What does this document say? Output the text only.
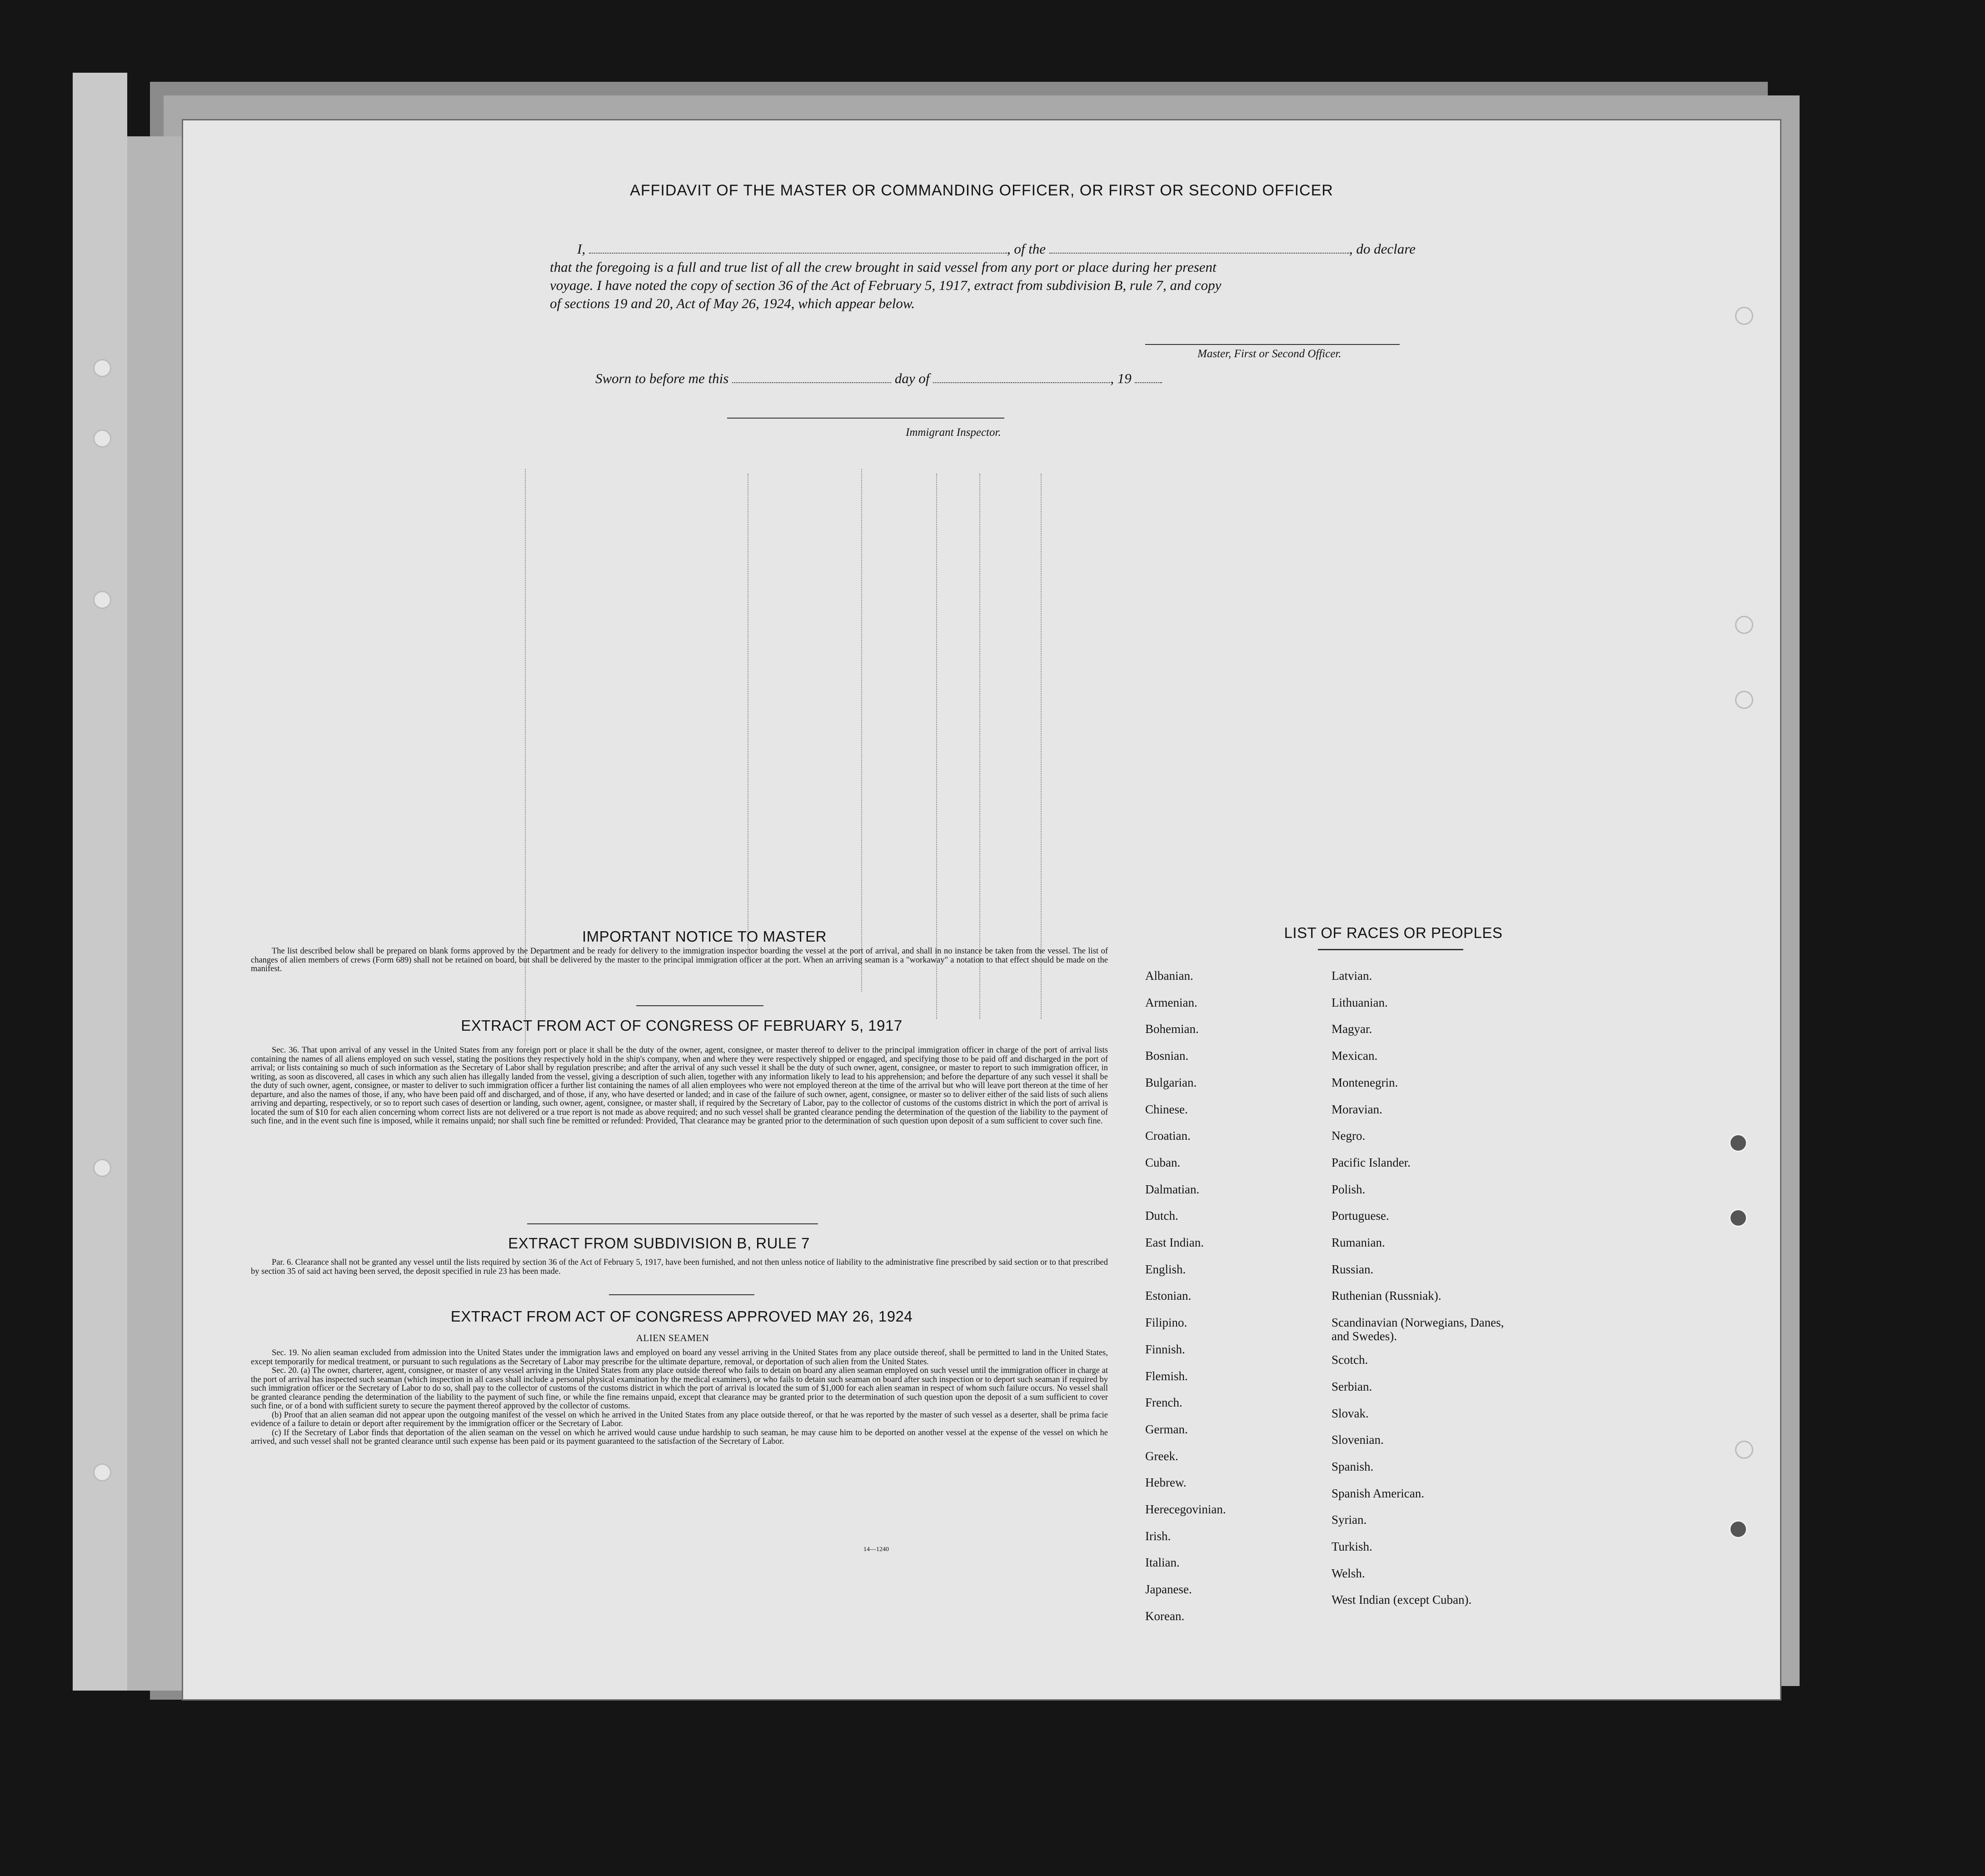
AFFIDAVIT OF THE MASTER OR COMMANDING OFFICER, OR FIRST OR SECOND OFFICER
I,	, of the	, do declare
that the foregoing is a full and true list of all the crew brought in said vessel from any port or place during her present
voyage. I have noted the copy of section 36 of the Act of February 5, 1917, extract from subdivision B, rule 7, and copy
of sections 19 and 20, Act of May 26, 1924, which appear below.
Master, First or Second Officer.
Sworn to before me this	day of	, 19
Immigrant Inspector.
IMPORTANT NOTICE TO MASTER

The list described below shall be prepared on blank forms approved by the Department and be ready for delivery to the immigration inspector boarding the vessel at the port of arrival, and shall in no instance be taken from the vessel. The list of changes of alien members of crews (Form 689) shall not be retained on board, but shall be delivered by the master to the principal immigration officer at the port. When an arriving seaman is a "workaway" a notation to that effect should be made on the manifest.

EXTRACT FROM ACT OF CONGRESS OF FEBRUARY 5, 1917

Sec. 36. That upon arrival of any vessel in the United States from any foreign port or place it shall be the duty of the owner, agent, consignee, or master thereof to deliver to the principal immigration officer in charge of the port of arrival lists containing the names of all aliens employed on such vessel, stating the positions they respectively hold in the ship's company, when and where they were respectively shipped or engaged, and specifying those to be paid off and discharged in the port of arrival; or lists containing so much of such information as the Secretary of Labor shall by regulation prescribe; and after the arrival of any such vessel it shall be the duty of such owner, agent, consignee, or master to report to such immigration officer, in writing, as soon as discovered, all cases in which any such alien has illegally landed from the vessel, giving a description of such alien, together with any information likely to lead to his apprehension; and before the departure of any such vessel it shall be the duty of such owner, agent, consignee, or master to deliver to such immigration officer a further list containing the names of all alien employees who were not employed thereon at the time of the arrival but who will leave port thereon at the time of her departure, and also the names of those, if any, who have been paid off and discharged, and of those, if any, who have deserted or landed; and in case of the failure of such owner, agent, consignee, or master so to deliver either of the said lists of such aliens arriving and departing, respectively, or so to report such cases of desertion or landing, such owner, agent, consignee, or master shall, if required by the Secretary of Labor, pay to the collector of customs of the customs district in which the port of arrival is located the sum of $10 for each alien concerning whom correct lists are not delivered or a true report is not made as above required; and no such vessel shall be granted clearance pending the determination of the question of the liability to the payment of such fine, and in the event such fine is imposed, while it remains unpaid; nor shall such fine be remitted or refunded: Provided, That clearance may be granted prior to the determination of such question upon deposit of a sum sufficient to cover such fine.

EXTRACT FROM SUBDIVISION B, RULE 7

Par. 6. Clearance shall not be granted any vessel until the lists required by section 36 of the Act of February 5, 1917, have been furnished, and not then unless notice of liability to the administrative fine prescribed by said section or to that prescribed by section 35 of said act having been served, the deposit specified in rule 23 has been made.

EXTRACT FROM ACT OF CONGRESS APPROVED MAY 26, 1924
ALIEN SEAMEN

Sec. 19. No alien seaman excluded from admission into the United States under the immigration laws and employed on board any vessel arriving in the United States from any place outside thereof, shall be permitted to land in the United States, except temporarily for medical treatment, or pursuant to such regulations as the Secretary of Labor may prescribe for the ultimate departure, removal, or deportation of such alien from the United States.

Sec. 20. (a) The owner, charterer, agent, consignee, or master of any vessel arriving in the United States from any place outside thereof who fails to detain on board any alien seaman employed on such vessel until the immigration officer in charge at the port of arrival has inspected such seaman (which inspection in all cases shall include a personal physical examination by the medical examiners), or who fails to detain such seaman on board after such inspection or to deport such seaman if required by such immigration officer or the Secretary of Labor to do so, shall pay to the collector of customs of the customs district in which the port of arrival is located the sum of $1,000 for each alien seaman in respect of whom such failure occurs. No vessel shall be granted clearance pending the determination of the liability to the payment of such fine, or while the fine remains unpaid, except that clearance may be granted prior to the determination of such question upon the deposit of a sum sufficient to cover such fine, or of a bond with sufficient surety to secure the payment thereof approved by the collector of customs.

(b) Proof that an alien seaman did not appear upon the outgoing manifest of the vessel on which he arrived in the United States from any place outside thereof, or that he was reported by the master of such vessel as a deserter, shall be prima facie evidence of a failure to detain or deport after requirement by the immigration officer or the Secretary of Labor.

(c) If the Secretary of Labor finds that deportation of the alien seaman on the vessel on which he arrived would cause undue hardship to such seaman, he may cause him to be deported on another vessel at the expense of the vessel on which he arrived, and such vessel shall not be granted clearance until such expense has been paid or its payment guaranteed to the satisfaction of the Secretary of Labor.

14—1240
LIST OF RACES OR PEOPLES
Albanian.
Armenian.
Bohemian.
Bosnian.
Bulgarian.
Chinese.
Croatian.
Cuban.
Dalmatian.
Dutch.
East Indian.
English.
Estonian.
Filipino.
Finnish.
Flemish.
French.
German.
Greek.
Hebrew.
Herecegovinian.
Irish.
Italian.
Japanese.
Korean.
Latvian.
Lithuanian.
Magyar.
Mexican.
Montenegrin.
Moravian.
Negro.
Pacific Islander.
Polish.
Portuguese.
Rumanian.
Russian.
Ruthenian (Russniak).
Scandinavian (Norwegians, Danes, and Swedes).
Scotch.
Serbian.
Slovak.
Slovenian.
Spanish.
Spanish American.
Syrian.
Turkish.
Welsh.
West Indian (except Cuban).
